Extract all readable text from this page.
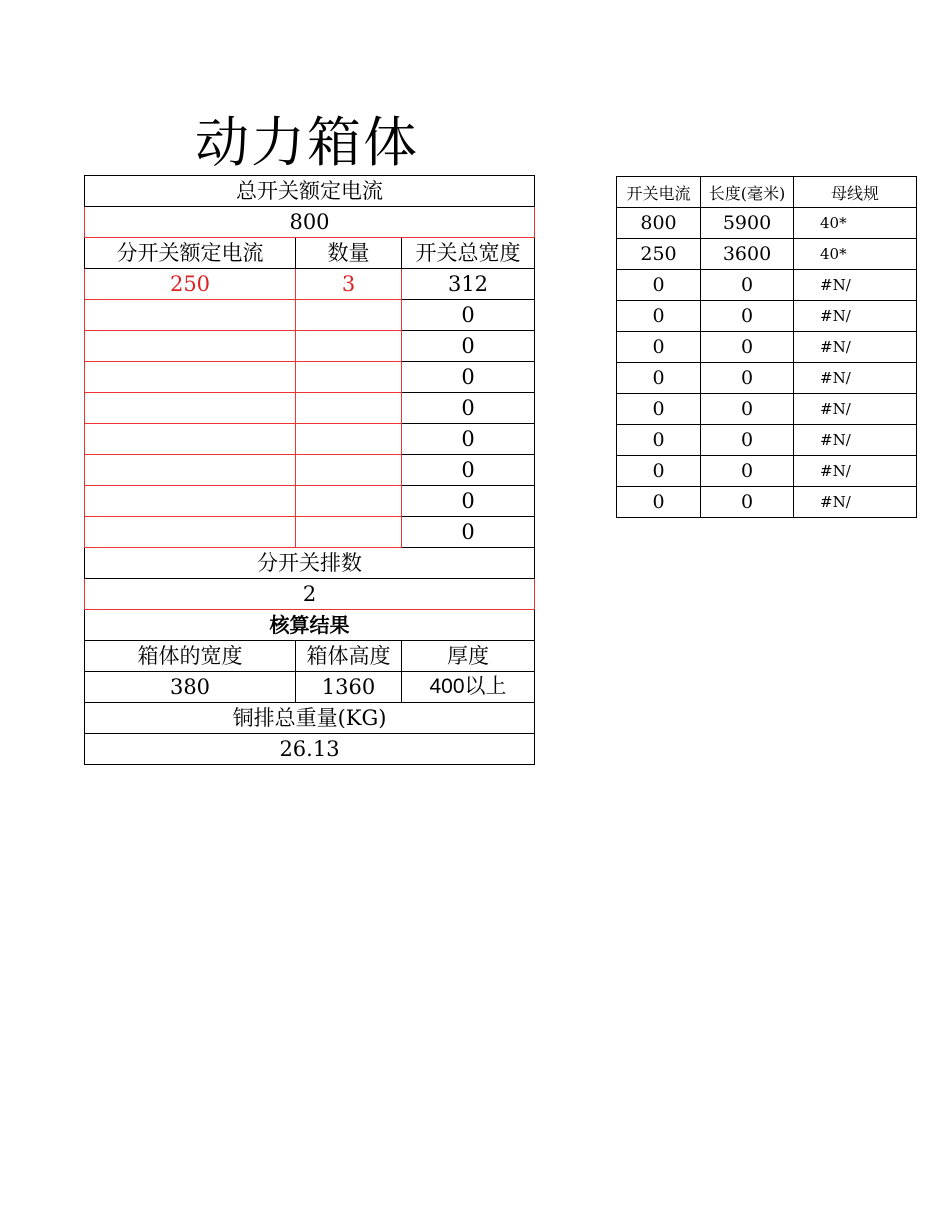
动力箱体
总开关额定电流		
800		
分开关额定电流	数量	开关总宽度
250	3	312
		0
		0
		0
		0
		0
		0
		0
		0
分开关排数		
2		
核算结果		
箱体的宽度	箱体高度	厚度
380	1360	400以上
铜排总重量(KG)		
26.13		
开关电流	长度(毫米)	母线规
800	5900	40*
250	3600	40*
0	0	#N/
0	0	#N/
0	0	#N/
0	0	#N/
0	0	#N/
0	0	#N/
0	0	#N/
0	0	#N/
